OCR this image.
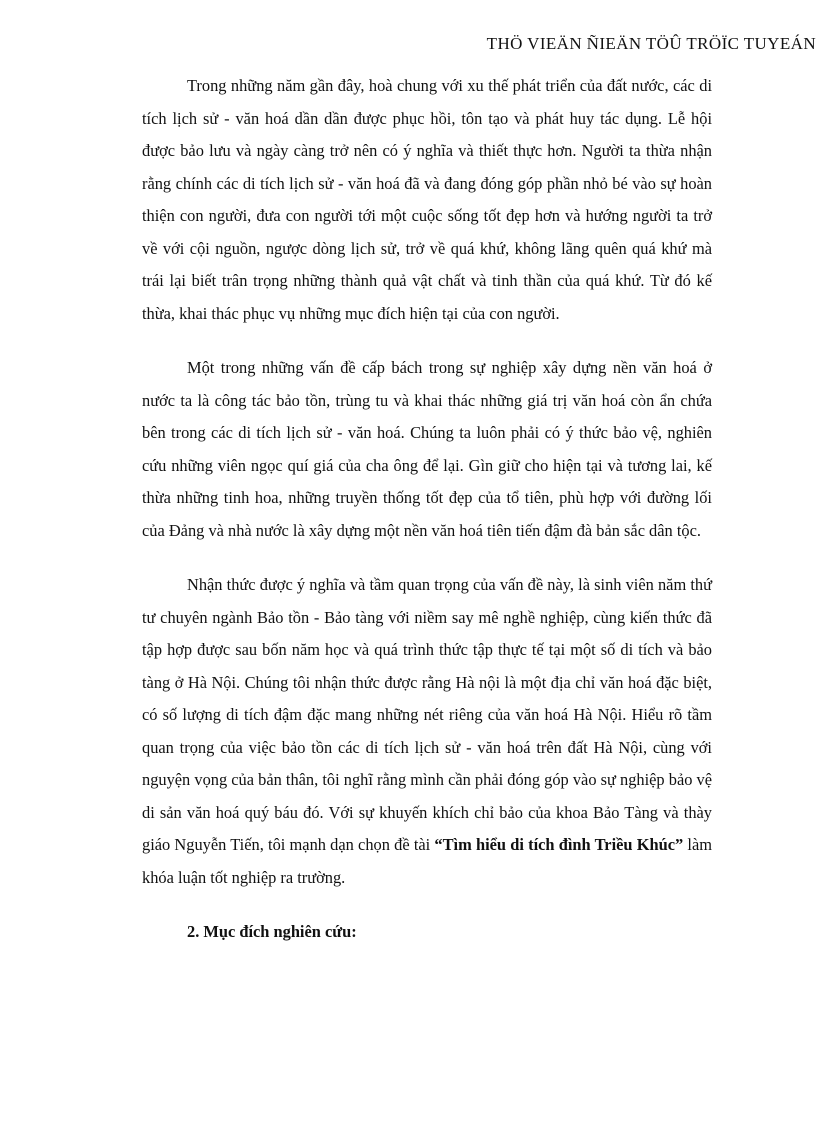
THÖ VIEÄN ÑIEÄN TÖÛ TRÖÏC TUYEÁN

Trong những năm gần đây, hoà chung với xu thế phát triển của đất nước, các di tích lịch sử - văn hoá dần dần được phục hồi, tôn tạo và phát huy tác dụng. Lễ hội được bảo lưu và ngày càng trở nên có ý nghĩa và thiết thực hơn. Người ta thừa nhận rằng chính các di tích lịch sử - văn hoá đã và đang đóng góp phần nhỏ bé vào sự hoàn thiện con người, đưa con người tới một cuộc sống tốt đẹp hơn và hướng người ta trở về với cội nguồn, ngược dòng lịch sử, trở về quá khứ, không lãng quên quá khứ mà trái lại biết trân trọng những thành quả vật chất và tinh thần của quá khứ. Từ đó kế thừa, khai thác phục vụ những mục đích hiện tại của con người.

Một trong những vấn đề cấp bách trong sự nghiệp xây dựng nền văn hoá ở nước ta là công tác bảo tồn, trùng tu và khai thác những giá trị văn hoá còn ẩn chứa bên trong các di tích lịch sử - văn hoá. Chúng ta luôn phải có ý thức bảo vệ, nghiên cứu những viên ngọc quí giá của cha ông để lại. Gìn giữ cho hiện tại và tương lai, kế thừa những tinh hoa, những truyền thống tốt đẹp của tổ tiên, phù hợp với đường lối của Đảng và nhà nước là xây dựng một nền văn hoá tiên tiến đậm đà bản sắc dân tộc.

Nhận thức được ý nghĩa và tầm quan trọng của vấn đề này, là sinh viên năm thứ tư chuyên ngành Bảo tồn - Bảo tàng với niềm say mê nghề nghiệp, cùng kiến thức đã tập hợp được sau bốn năm học và quá trình thức tập thực tế tại một số di tích và bảo tàng ở Hà Nội. Chúng tôi nhận thức được rằng Hà nội là một địa chỉ văn hoá đặc biệt, có số lượng di tích đậm đặc mang những nét riêng của văn hoá Hà Nội. Hiểu rõ tầm quan trọng của việc bảo tồn các di tích lịch sử - văn hoá trên đất Hà Nội, cùng với nguyện vọng của bản thân, tôi nghĩ rằng mình cần phải đóng góp vào sự nghiệp bảo vệ di sản văn hoá quý báu đó. Với sự khuyến khích chỉ bảo của khoa Bảo Tàng và thày giáo Nguyễn Tiến, tôi mạnh dạn chọn đề tài “Tìm hiểu di tích đình Triều Khúc” làm khóa luận tốt nghiệp ra trường.

2. Mục đích nghiên cứu:
